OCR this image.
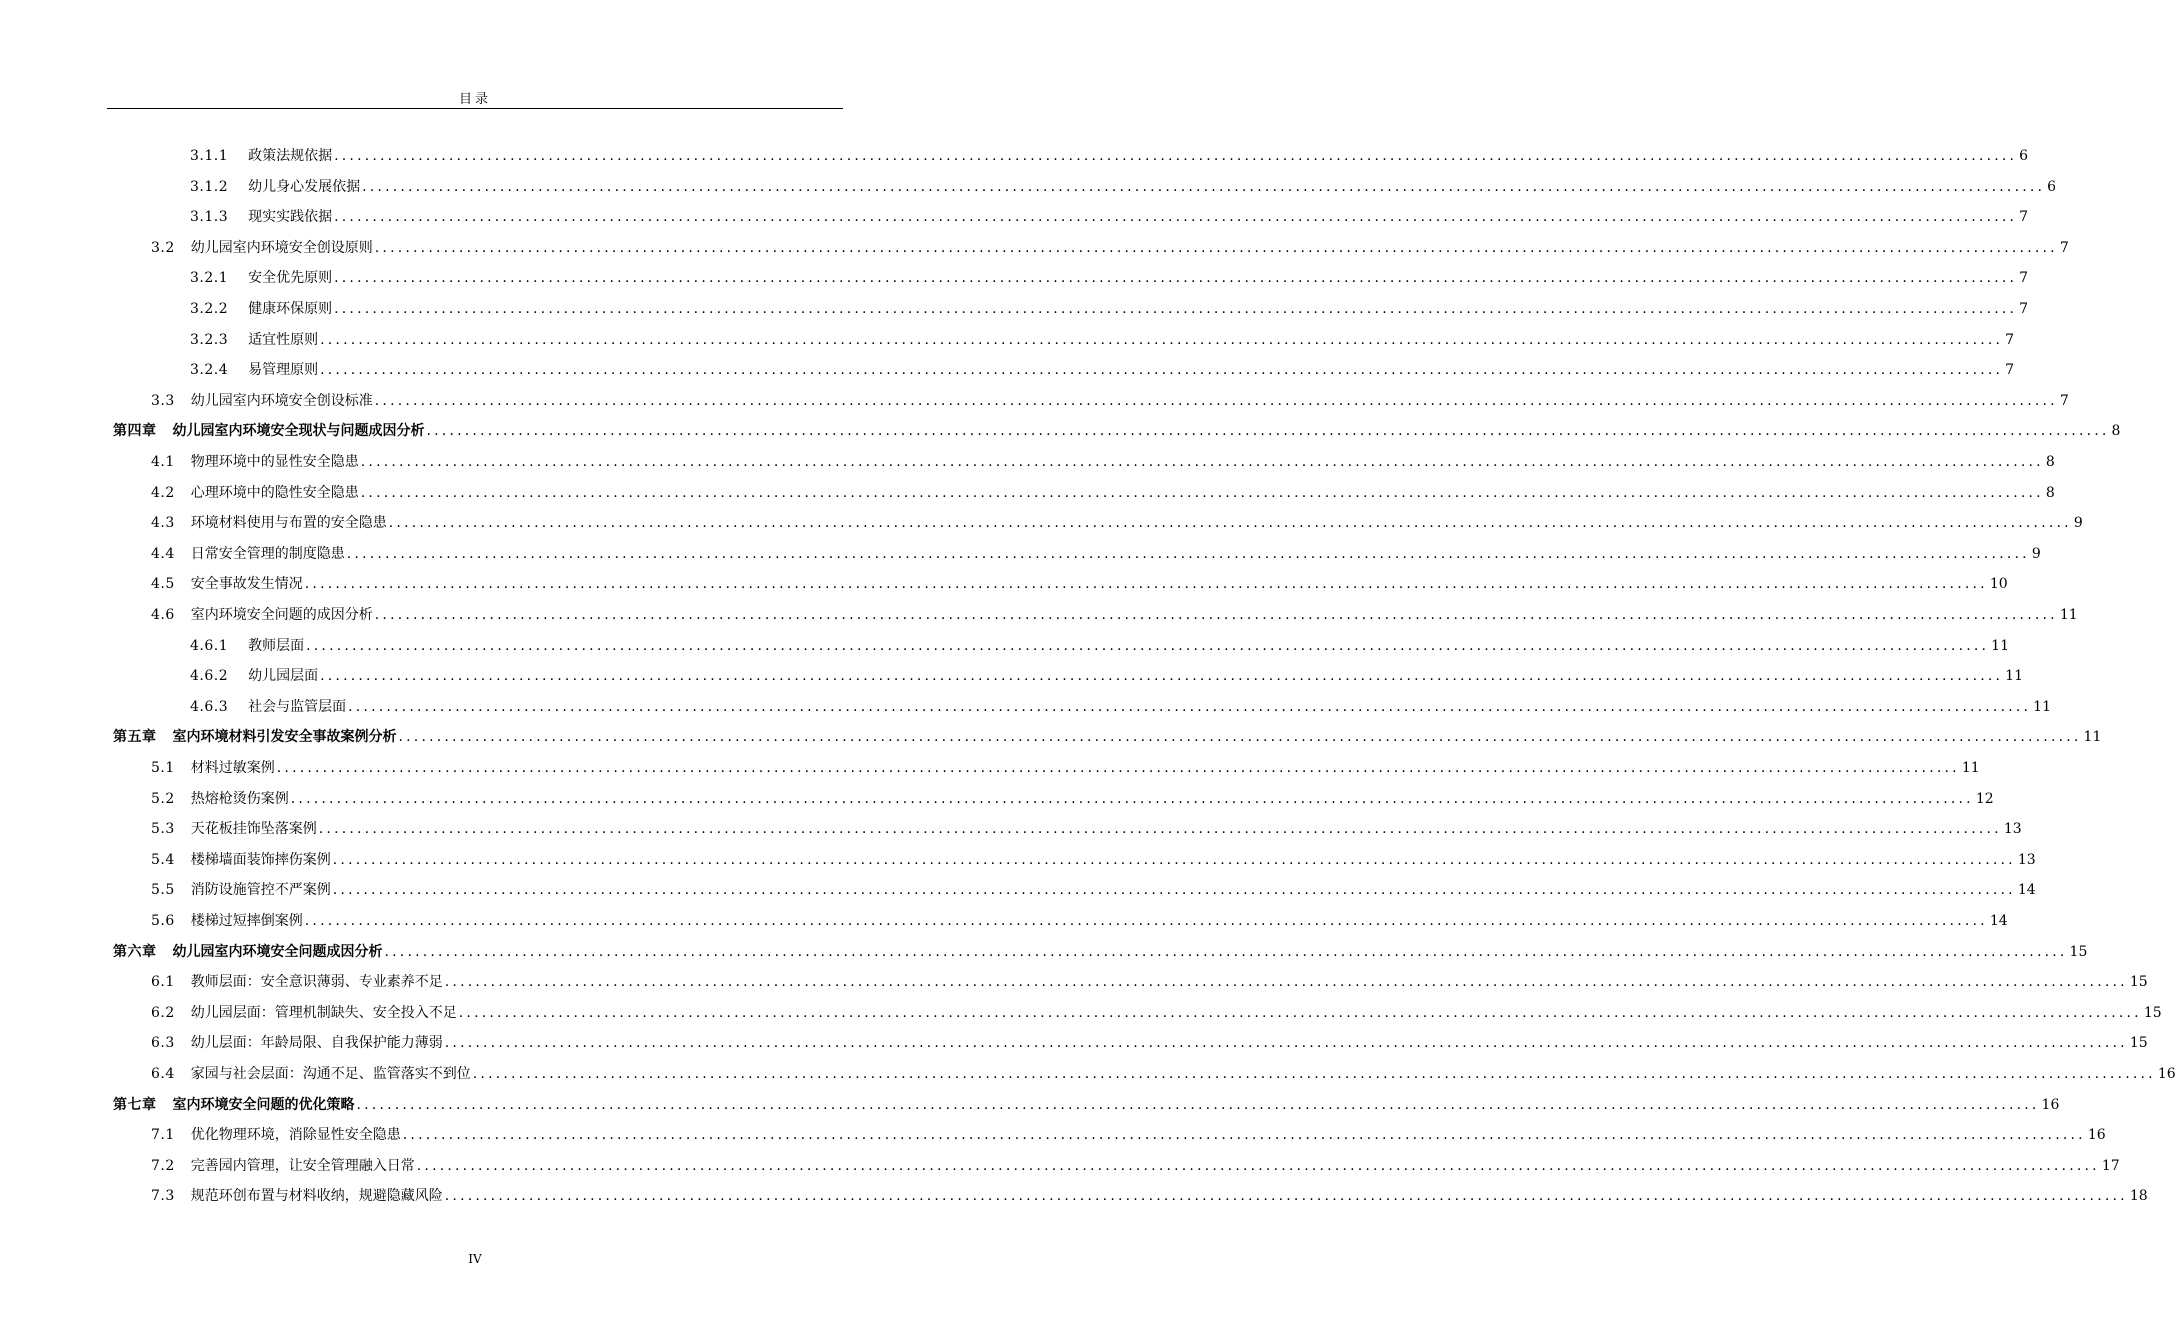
目录
3.1.1 政策法规依据 ............................................................................................................................................................................................................................ 6
3.1.2 幼儿身心发展依据 ............................................................................................................................................................................................................................ 6
3.1.3 现实实践依据 ............................................................................................................................................................................................................................ 7
3.2 幼儿园室内环境安全创设原则 ............................................................................................................................................................................................................................ 7
3.2.1 安全优先原则 ............................................................................................................................................................................................................................ 7
3.2.2 健康环保原则 ............................................................................................................................................................................................................................ 7
3.2.3 适宜性原则 ............................................................................................................................................................................................................................ 7
3.2.4 易管理原则 ............................................................................................................................................................................................................................ 7
3.3 幼儿园室内环境安全创设标准 ............................................................................................................................................................................................................................ 7
第四章 幼儿园室内环境安全现状与问题成因分析 ............................................................................................................................................................................................................................ 8
4.1 物理环境中的显性安全隐患 ............................................................................................................................................................................................................................ 8
4.2 心理环境中的隐性安全隐患 ............................................................................................................................................................................................................................ 8
4.3 环境材料使用与布置的安全隐患 ............................................................................................................................................................................................................................ 9
4.4 日常安全管理的制度隐患 ............................................................................................................................................................................................................................ 9
4.5 安全事故发生情况 ............................................................................................................................................................................................................................ 10
4.6 室内环境安全问题的成因分析 ............................................................................................................................................................................................................................ 11
4.6.1 教师层面 ............................................................................................................................................................................................................................ 11
4.6.2 幼儿园层面 ............................................................................................................................................................................................................................ 11
4.6.3 社会与监管层面 ............................................................................................................................................................................................................................ 11
第五章 室内环境材料引发安全事故案例分析 ............................................................................................................................................................................................................................ 11
5.1 材料过敏案例 ............................................................................................................................................................................................................................ 11
5.2 热熔枪烫伤案例 ............................................................................................................................................................................................................................ 12
5.3 天花板挂饰坠落案例 ............................................................................................................................................................................................................................ 13
5.4 楼梯墙面装饰摔伤案例 ............................................................................................................................................................................................................................ 13
5.5 消防设施管控不严案例 ............................................................................................................................................................................................................................ 14
5.6 楼梯过短摔倒案例 ............................................................................................................................................................................................................................ 14
第六章 幼儿园室内环境安全问题成因分析 ............................................................................................................................................................................................................................ 15
6.1 教师层面：安全意识薄弱、专业素养不足 ............................................................................................................................................................................................................................ 15
6.2 幼儿园层面：管理机制缺失、安全投入不足 ............................................................................................................................................................................................................................ 15
6.3 幼儿层面：年龄局限、自我保护能力薄弱 ............................................................................................................................................................................................................................ 15
6.4 家园与社会层面：沟通不足、监管落实不到位 ............................................................................................................................................................................................................................ 16
第七章 室内环境安全问题的优化策略 ............................................................................................................................................................................................................................ 16
7.1 优化物理环境，消除显性安全隐患 ............................................................................................................................................................................................................................ 16
7.2 完善园内管理，让安全管理融入日常 ............................................................................................................................................................................................................................ 17
7.3 规范环创布置与材料收纳，规避隐藏风险 ............................................................................................................................................................................................................................ 18
IV
